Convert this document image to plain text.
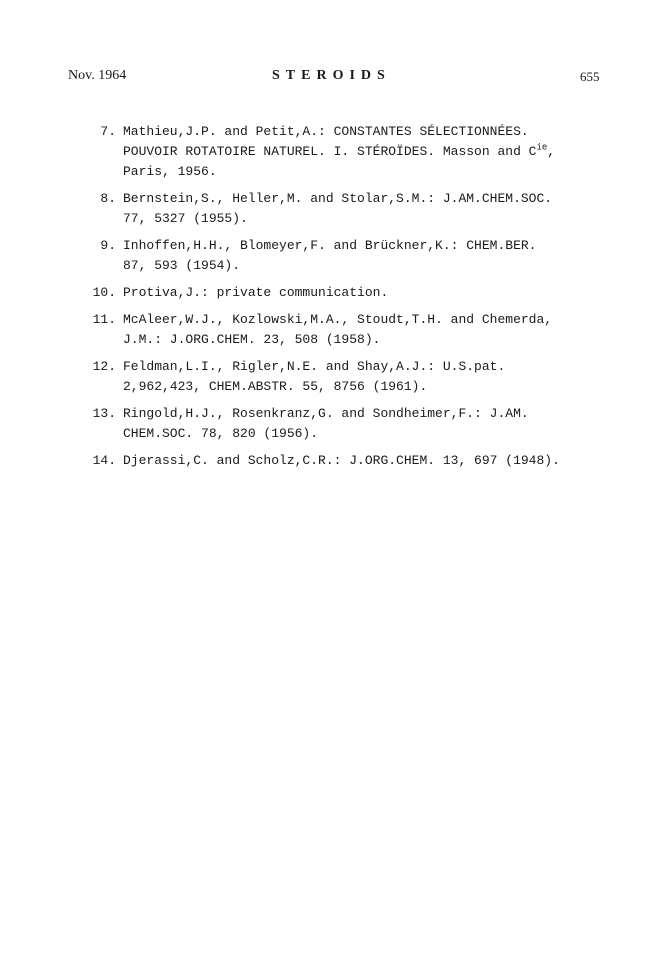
Nov. 1964	STEROIDS	655
7. Mathieu,J.P. and Petit,A.: CONSTANTES SÉLECTIONNÉES.
POUVOIR ROTATOIRE NATUREL. I. STÉROÏDES. Masson and $C^{ie}$,
Paris, 1956.
8. Bernstein,S., Heller,M. and Stolar,S.M.: J.AM.CHEM.SOC.
77, 5327 (1955).
9. Inhoffen,H.H., Blomeyer,F. and Brückner,K.: CHEM.BER.
87, 593 (1954).
10. Protiva,J.: private communication.
11. McAleer,W.J., Kozlowski,M.A., Stoudt,T.H. and Chemerda,
J.M.: J.ORG.CHEM. 23, 508 (1958).
12. Feldman,L.I., Rigler,N.E. and Shay,A.J.: U.S.pat.
2,962,423, CHEM.ABSTR. 55, 8756 (1961).
13. Ringold,H.J., Rosenkranz,G. and Sondheimer,F.: J.AM.
CHEM.SOC. 78, 820 (1956).
14. Djerassi,C. and Scholz,C.R.: J.ORG.CHEM. 13, 697 (1948).
